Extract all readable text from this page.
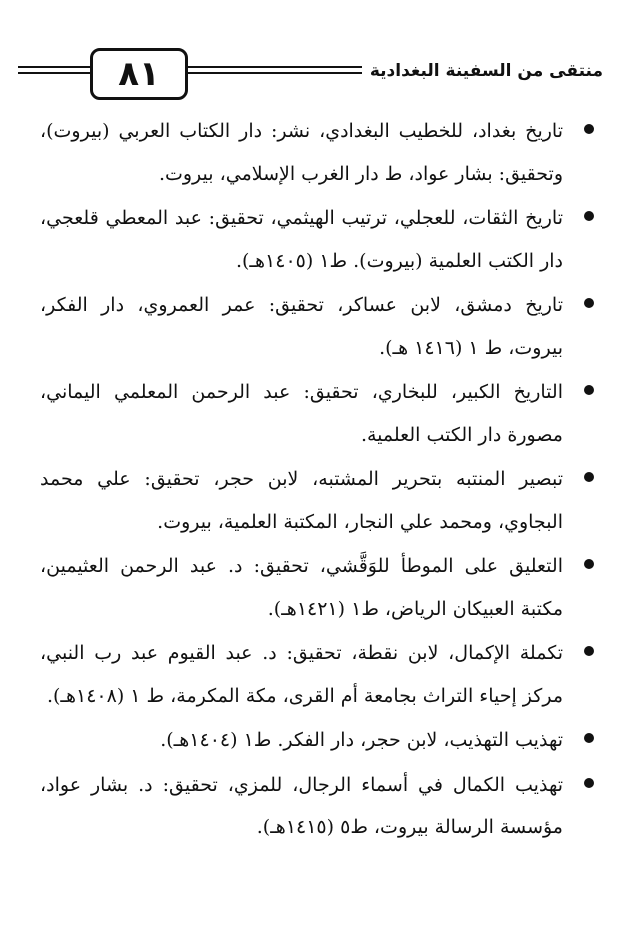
٨١	منتقى من السفينة البغدادية
تاريخ بغداد، للخطيب البغدادي، نشر: دار الكتاب العربي (بيروت)، وتحقيق: بشار عواد، ط دار الغرب الإسلامي، بيروت.
تاريخ الثقات، للعجلي، ترتيب الهيثمي، تحقيق: عبد المعطي قلعجي، دار الكتب العلمية (بيروت). ط١ (١٤٠٥هـ).
تاريخ دمشق، لابن عساكر، تحقيق: عمر العمروي، دار الفكر، بيروت، ط ١ (١٤١٦ هـ).
التاريخ الكبير، للبخاري، تحقيق: عبد الرحمن المعلمي اليماني، مصورة دار الكتب العلمية.
تبصير المنتبه بتحرير المشتبه، لابن حجر، تحقيق: علي محمد البجاوي، ومحمد علي النجار، المكتبة العلمية، بيروت.
التعليق على الموطأ للوَقَّشي، تحقيق: د. عبد الرحمن العثيمين، مكتبة العبيكان الرياض، ط١ (١٤٢١هـ).
تكملة الإكمال، لابن نقطة، تحقيق: د. عبد القيوم عبد رب النبي، مركز إحياء التراث بجامعة أم القرى، مكة المكرمة، ط ١ (١٤٠٨هـ).
تهذيب التهذيب، لابن حجر، دار الفكر. ط١ (١٤٠٤هـ).
تهذيب الكمال في أسماء الرجال، للمزي، تحقيق: د. بشار عواد، مؤسسة الرسالة بيروت، ط٥ (١٤١٥هـ).
